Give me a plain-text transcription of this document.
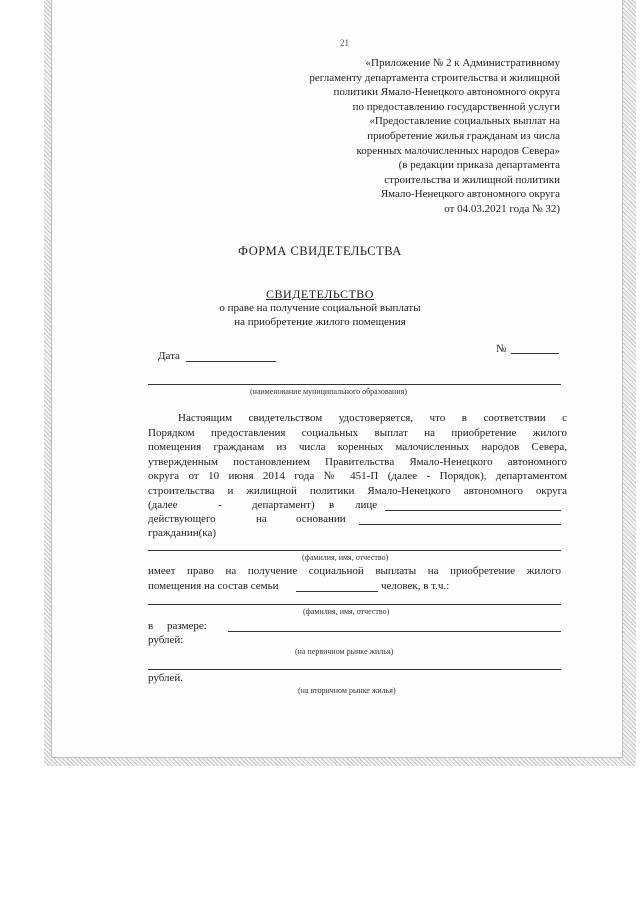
21
«Приложение № 2 к Административному
регламенту департамента строительства и жилищной
политики Ямало-Ненецкого автономного округа
по предоставлению государственной услуги
«Предоставление социальных выплат на
приобретение жилья гражданам из числа
коренных малочисленных народов Севера»
(в редакции приказа департамента
строительства и жилищной политики
Ямало-Ненецкого автономного округа
от 04.03.2021 года № 32)
ФОРМА СВИДЕТЕЛЬСТВА
СВИДЕТЕЛЬСТВО
о праве на получение социальной выплаты
на приобретение жилого помещения
Дата
№
(наименование муниципального образования)
Настоящим свидетельством удостоверяется, что в соответствии с
Порядком предоставления социальных выплат на приобретение жилого
помещения гражданам из числа коренных малочисленных народов Севера,
утвержденным постановлением Правительства Ямало-Ненецкого автономного
округа от 10 июня 2014 года № 451-П (далее - Порядок), департаментом
строительства и жилищной политики Ямало-Ненецкого автономного округа
(далее	-	департамент) в лице
действующего	на	основании
гражданин(ка)
(фамилия, имя, отчество)
имеет право на получение социальной выплаты на приобретение жилого
помещения на состав семьи	человек, в т.ч.:
(фамилия, имя, отчество)
в размере:
рублей:
(на первичном рынке жилья)
рублей.
(на вторичном рынке жилья)
